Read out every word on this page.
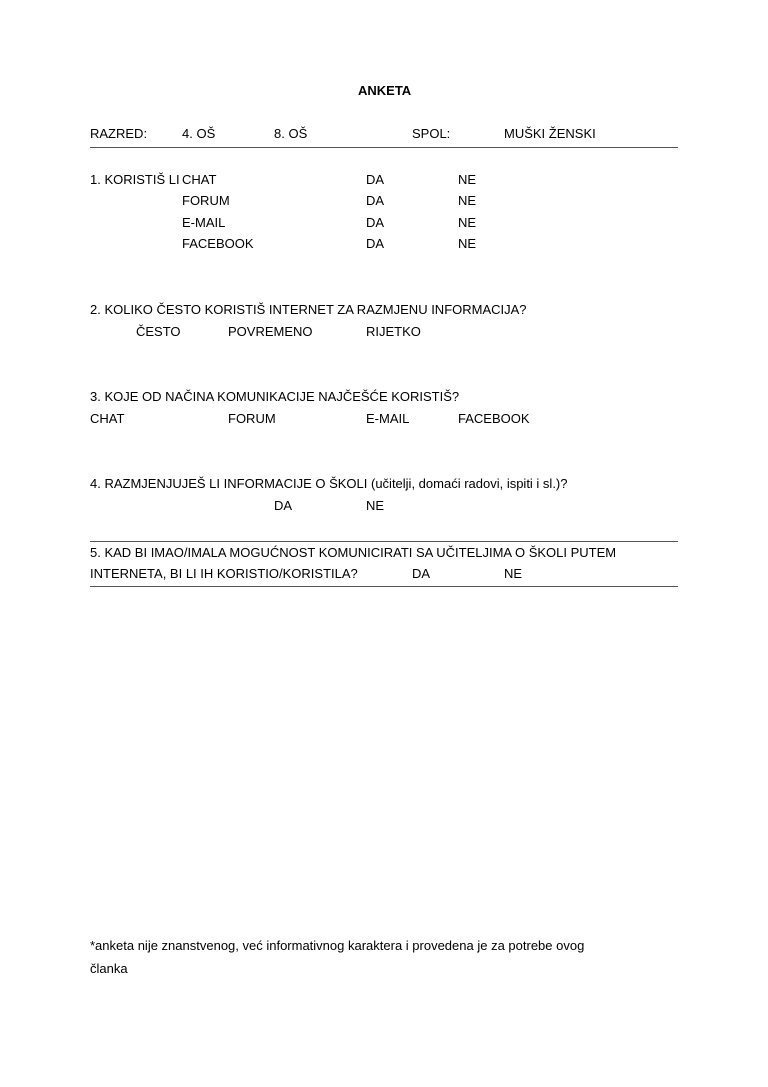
ANKETA
RAZRED:	4. OŠ	8. OŠ	SPOL:	MUŠKI ŽENSKI
1. KORISTIŠ LI CHAT	DA	NE
FORUM	DA	NE
E-MAIL	DA	NE
FACEBOOK	DA	NE
2. KOLIKO ČESTO KORISTIŠ INTERNET ZA RAZMJENU INFORMACIJA?
ČESTO	POVREMENO	RIJETKO
3. KOJE OD NAČINA KOMUNIKACIJE NAJČEŠĆE KORISTIŠ?
CHAT	FORUM	E-MAIL	FACEBOOK
4. RAZMJENJUJEŠ LI INFORMACIJE O ŠKOLI (učitelji, domaći radovi, ispiti i sl.)?
DA	NE
5. KAD BI IMAO/IMALA MOGUĆNOST KOMUNICIRATI SA UČITELJIMA O ŠKOLI PUTEM
INTERNETA, BI LI IH KORISTIO/KORISTILA?	DA	NE
*anketa nije znanstvenog, već informativnog karaktera i provedena je za potrebe ovog
članka
